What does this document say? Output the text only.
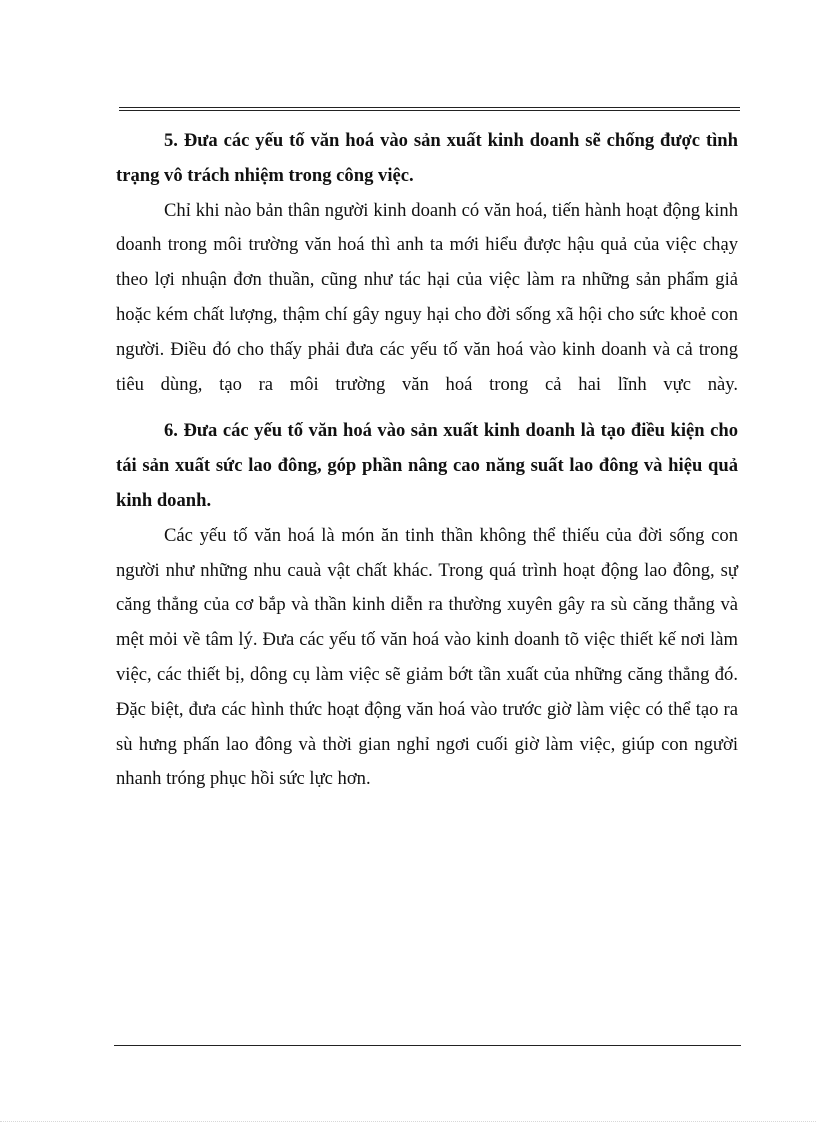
5. Đưa các yếu tố văn hoá vào sản xuất kinh doanh sẽ chống được tình trạng vô trách nhiệm trong công việc.

Chỉ khi nào bản thân người kinh doanh có văn hoá, tiến hành hoạt động kinh doanh trong môi trường văn hoá thì anh ta mới hiểu được hậu quả của việc chạy theo lợi nhuận đơn thuần, cũng như tác hại của việc làm ra những sản phẩm giả hoặc kém chất lượng, thậm chí gây nguy hại cho đời sống xã hội cho sức khoẻ con người. Điều đó cho thấy phải đưa các yếu tố văn hoá vào kinh doanh và cả trong tiêu dùng, tạo ra môi trường văn hoá trong cả hai lĩnh vực này.

6. Đưa các yếu tố văn hoá vào sản xuất kinh doanh là tạo điều kiện cho tái sản xuất sức lao đông, góp phần nâng cao năng suất lao đông và hiệu quả kinh doanh.

Các yếu tố văn hoá là món ăn tinh thần không thể thiếu của đời sống con người như những nhu cauà vật chất khác. Trong quá trình hoạt động lao đông, sự căng thẳng của cơ bắp và thần kinh diễn ra thường xuyên gây ra sù căng thẳng và mệt mỏi về tâm lý. Đưa các yếu tố văn hoá vào kinh doanh tõ việc thiết kế nơi làm việc, các thiết bị, dông cụ làm việc sẽ giảm bớt tần xuất của những căng thẳng đó. Đặc biệt, đưa các hình thức hoạt động văn hoá vào trước giờ làm việc có thể tạo ra sù hưng phấn lao đông và thời gian nghỉ ngơi cuối giờ làm việc, giúp con người nhanh tróng phục hồi sức lực hơn.
